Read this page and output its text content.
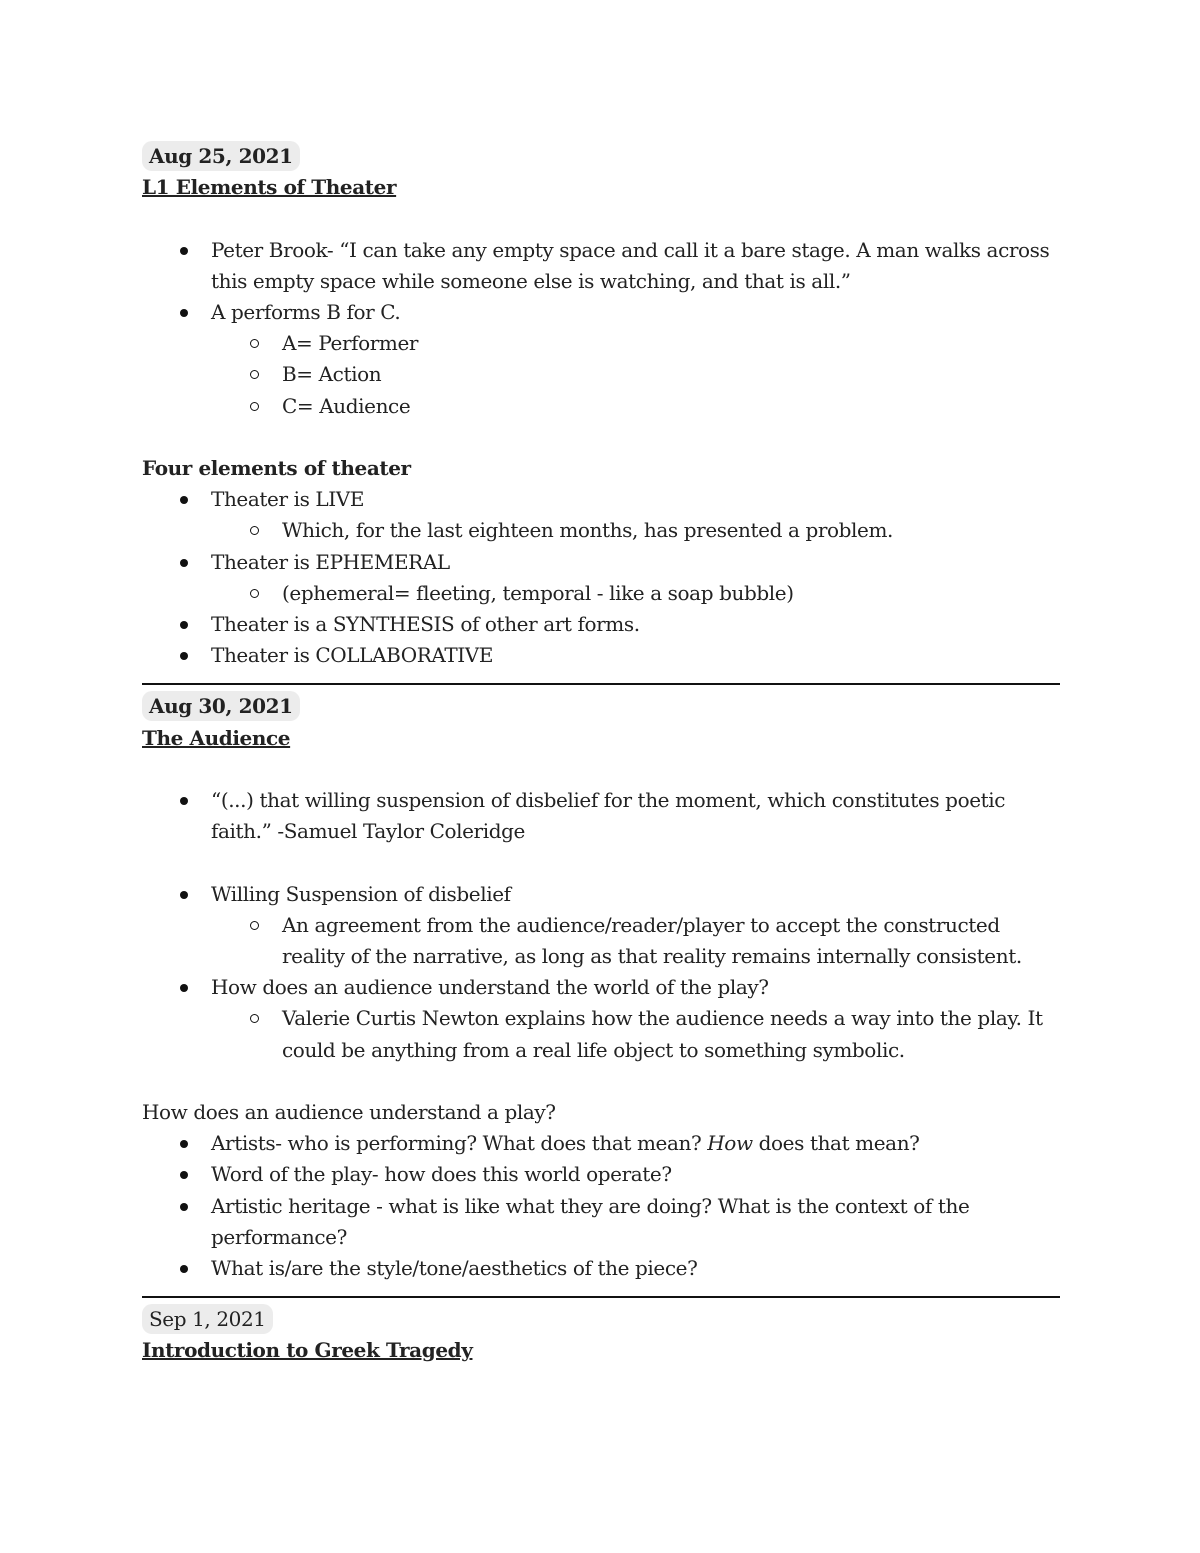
Aug 25, 2021
L1 Elements of Theater
Peter Brook- “I can take any empty space and call it a bare stage. A man walks across this empty space while someone else is watching, and that is all.”
A performs B for C.
A= Performer
B= Action
C= Audience
Four elements of theater
Theater is LIVE
Which, for the last eighteen months, has presented a problem.
Theater is EPHEMERAL
(ephemeral= fleeting, temporal - like a soap bubble)
Theater is a SYNTHESIS of other art forms.
Theater is COLLABORATIVE
Aug 30, 2021
The Audience
“(...) that willing suspension of disbelief for the moment, which constitutes poetic faith.” -Samuel Taylor Coleridge
Willing Suspension of disbelief
An agreement from the audience/reader/player to accept the constructed reality of the narrative, as long as that reality remains internally consistent.
How does an audience understand the world of the play?
Valerie Curtis Newton explains how the audience needs a way into the play. It could be anything from a real life object to something symbolic.
How does an audience understand a play?
Artists- who is performing? What does that mean? How does that mean?
Word of the play- how does this world operate?
Artistic heritage - what is like what they are doing? What is the context of the performance?
What is/are the style/tone/aesthetics of the piece?
Sep 1, 2021
Introduction to Greek Tragedy
